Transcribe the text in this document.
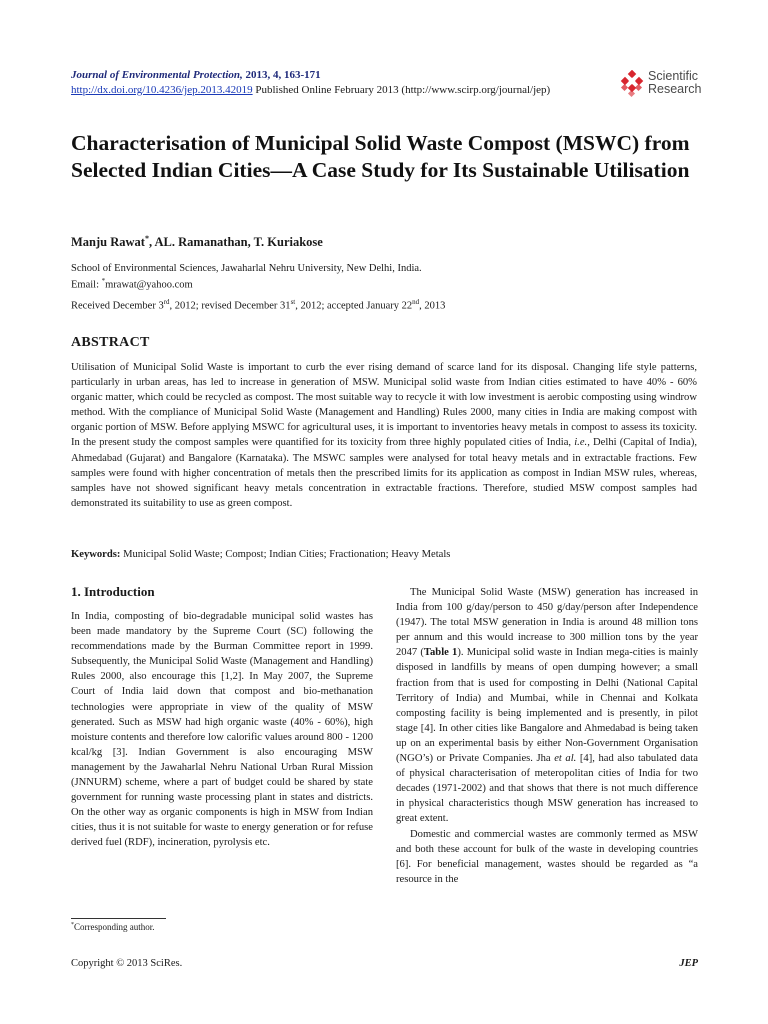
Journal of Environmental Protection, 2013, 4, 163-171
http://dx.doi.org/10.4236/jep.2013.42019 Published Online February 2013 (http://www.scirp.org/journal/jep)
Scientific
Research
Characterisation of Municipal Solid Waste Compost (MSWC) from Selected Indian Cities—A Case Study for Its Sustainable Utilisation
Manju Rawat*, AL. Ramanathan, T. Kuriakose
School of Environmental Sciences, Jawaharlal Nehru University, New Delhi, India.
Email: *mrawat@yahoo.com
Received December 3rd, 2012; revised December 31st, 2012; accepted January 22nd, 2013
ABSTRACT

Utilisation of Municipal Solid Waste is important to curb the ever rising demand of scarce land for its disposal. Changing life style patterns, particularly in urban areas, has led to increase in generation of MSW. Municipal solid waste from Indian cities estimated to have 40% - 60% organic matter, which could be recycled as compost. The most suitable way to recycle it with low investment is aerobic composting using windrow method. With the compliance of Municipal Solid Waste (Management and Handling) Rules 2000, many cities in India are making compost with organic portion of MSW. Before applying MSWC for agricultural uses, it is important to inventories heavy metals in compost to assess its toxicity. In the present study the compost samples were quantified for its toxicity from three highly populated cities of India, i.e., Delhi (Capital of India), Ahmedabad (Gujarat) and Bangalore (Karnataka). The MSWC samples were analysed for total heavy metals and in extractable fractions. Few samples were found with higher concentration of metals then the prescribed limits for its application as compost in Indian MSW rules, whereas, samples have not showed significant heavy metals concentration in extractable fractions. Therefore, studied MSW compost samples had demonstrated its suitability to use as green compost.

Keywords: Municipal Solid Waste; Compost; Indian Cities; Fractionation; Heavy Metals

1. Introduction

In India, composting of bio-degradable municipal solid wastes has been made mandatory by the Supreme Court (SC) following the recommendations made by the Burman Committee report in 1999. Subsequently, the Municipal Solid Waste (Management and Handling) Rules 2000, also encourage this [1,2]. In May 2007, the Supreme Court of India laid down that compost and bio-methanation technologies were appropriate in view of the quality of MSW generated. Such as MSW had high organic waste (40% - 60%), high moisture contents and therefore low calorific values around 800 - 1200 kcal/kg [3]. Indian Government is also encouraging MSW management by the Jawaharlal Nehru National Urban Rural Mission (JNNURM) scheme, where a part of budget could be shared by state government for running waste processing plant in states and districts. On the other way as organic components is high in MSW from Indian cities, thus it is not suitable for waste to energy generation or for refuse derived fuel (RDF), incineration, pyrolysis etc.

The Municipal Solid Waste (MSW) generation has increased in India from 100 g/day/person to 450 g/day/person after Independence (1947). The total MSW generation in India is around 48 million tons per annum and this would increase to 300 million tons by the year 2047 (Table 1). Municipal solid waste in Indian mega-cities is mainly disposed in landfills by means of open dumping however; a small fraction from that is used for composting in Delhi (National Capital Territory of India) and Mumbai, while in Chennai and Kolkata composting facility is being implemented and is presently, in pilot stage [4]. In other cities like Bangalore and Ahmedabad is being taken up on an experimental basis by either Non-Government Organisation (NGO’s) or Private Companies. Jha et al. [4], had also tabulated data of physical characterisation of meteropolitan cities of India for two decades (1971-2002) and that shows that there is not much difference in physical characteristics though MSW generation has increased to great extent.

Domestic and commercial wastes are commonly termed as MSW and both these account for bulk of the waste in developing countries [6]. For beneficial management, wastes should be regarded as “a resource in the

*Corresponding author.
Copyright © 2013 SciRes.	JEP
